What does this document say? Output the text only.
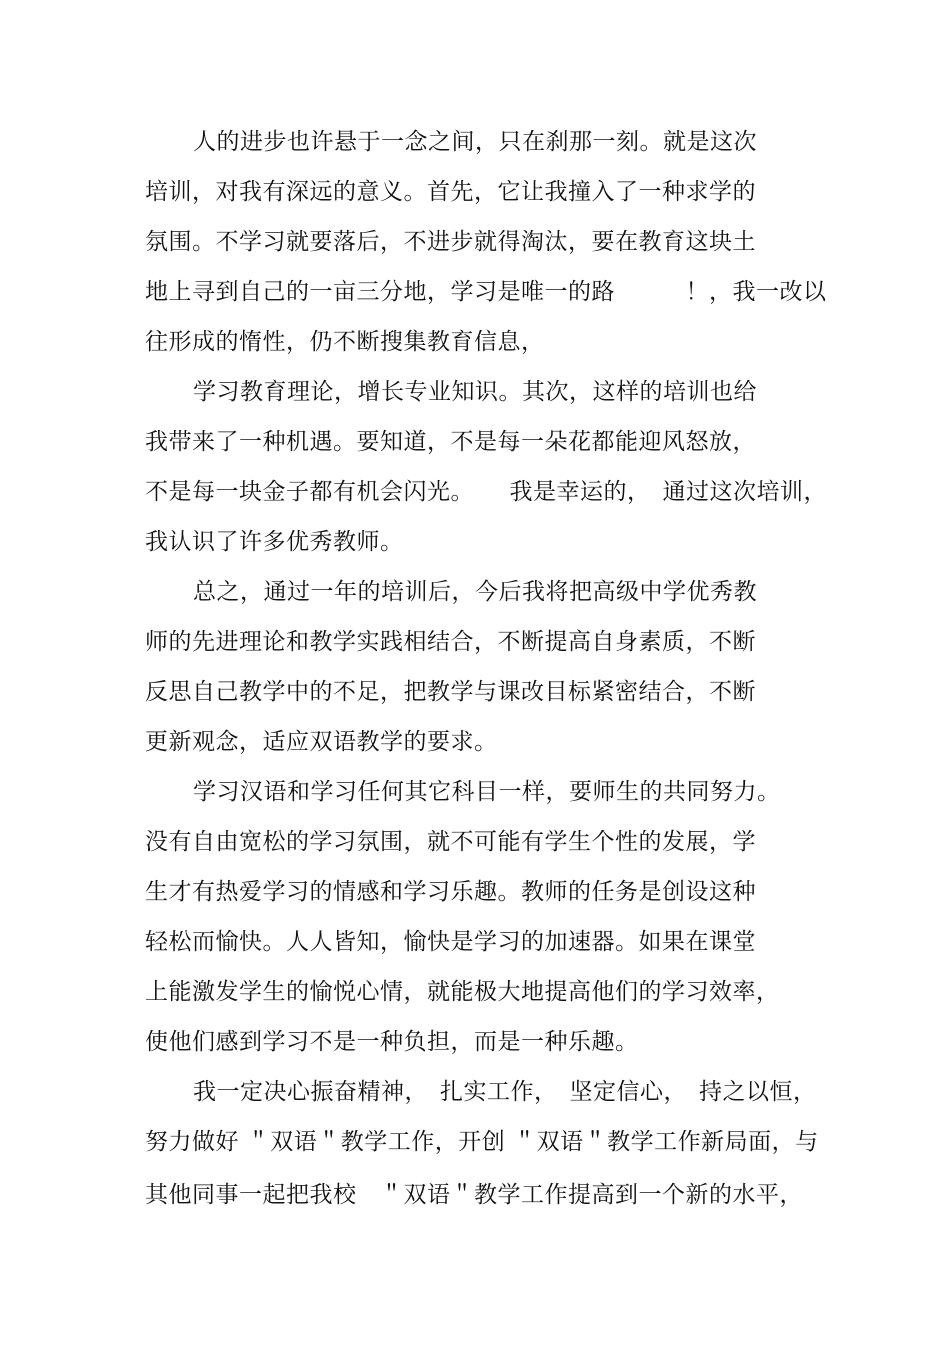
人的进步也许悬于一念之间，只在刹那一刻。就是这次
培训，对我有深远的意义。首先，它让我撞入了一种求学的
氛围。不学习就要落后，不进步就得淘汰，要在教育这块土
地上寻到自己的一亩三分地，学习是唯一的路　　　！，我一改以
往形成的惰性，仍不断搜集教育信息，
学习教育理论，增长专业知识。其次，这样的培训也给
我带来了一种机遇。要知道，不是每一朵花都能迎风怒放，
不是每一块金子都有机会闪光。　　我是幸运的，　通过这次培训，
我认识了许多优秀教师。
总之，通过一年的培训后，今后我将把高级中学优秀教
师的先进理论和教学实践相结合，不断提高自身素质，不断
反思自己教学中的不足，把教学与课改目标紧密结合，不断
更新观念，适应双语教学的要求。
学习汉语和学习任何其它科目一样，要师生的共同努力。
没有自由宽松的学习氛围，就不可能有学生个性的发展，学
生才有热爱学习的情感和学习乐趣。教师的任务是创设这种
轻松而愉快。人人皆知，愉快是学习的加速器。如果在课堂
上能激发学生的愉悦心情，就能极大地提高他们的学习效率，
使他们感到学习不是一种负担，而是一种乐趣。
我一定决心振奋精神，　扎实工作，　坚定信心，　持之以恒，
努力做好 ＂双语＂教学工作，开创 ＂双语＂教学工作新局面，与
其他同事一起把我校　＂双语＂教学工作提高到一个新的水平，
